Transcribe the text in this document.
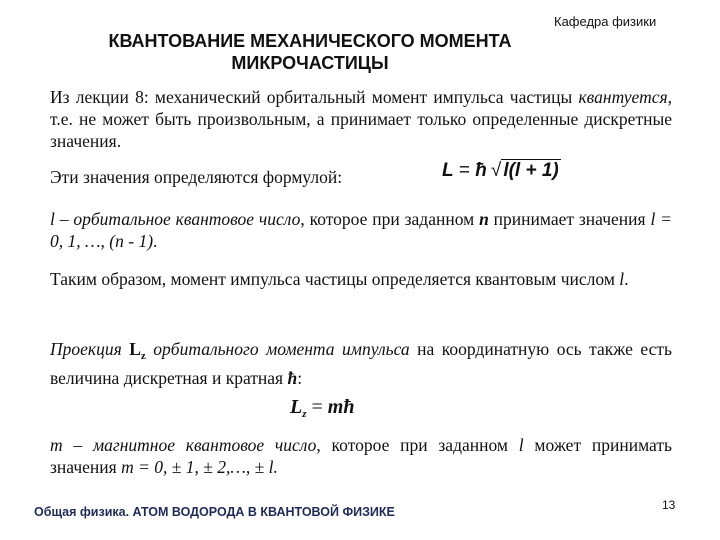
Кафедра физики
КВАНТОВАНИЕ МЕХАНИЧЕСКОГО МОМЕНТА
МИКРОЧАСТИЦЫ
Из лекции 8: механический орбитальный момент импульса частицы квантуется, т.е. не может быть произвольным, а принимает только определенные дискретные значения.
Эти значения определяются формулой:	L = ħ √ l(l + 1)
l – орбитальное квантовое число, которое при заданном n принимает значения l = 0, 1, …, (n - 1).
Таким образом, момент импульса частицы определяется квантовым числом l.
Проекция $L_z$ орбитального момента импульса на координатную ось также есть величина дискретная и кратная ħ:
$L_z$ = mħ
m – магнитное квантовое число, которое при заданном l может принимать значения m = 0, ± 1, ± 2,…, ± l.
Общая физика. АТОМ ВОДОРОДА В КВАНТОВОЙ ФИЗИКЕ	13
